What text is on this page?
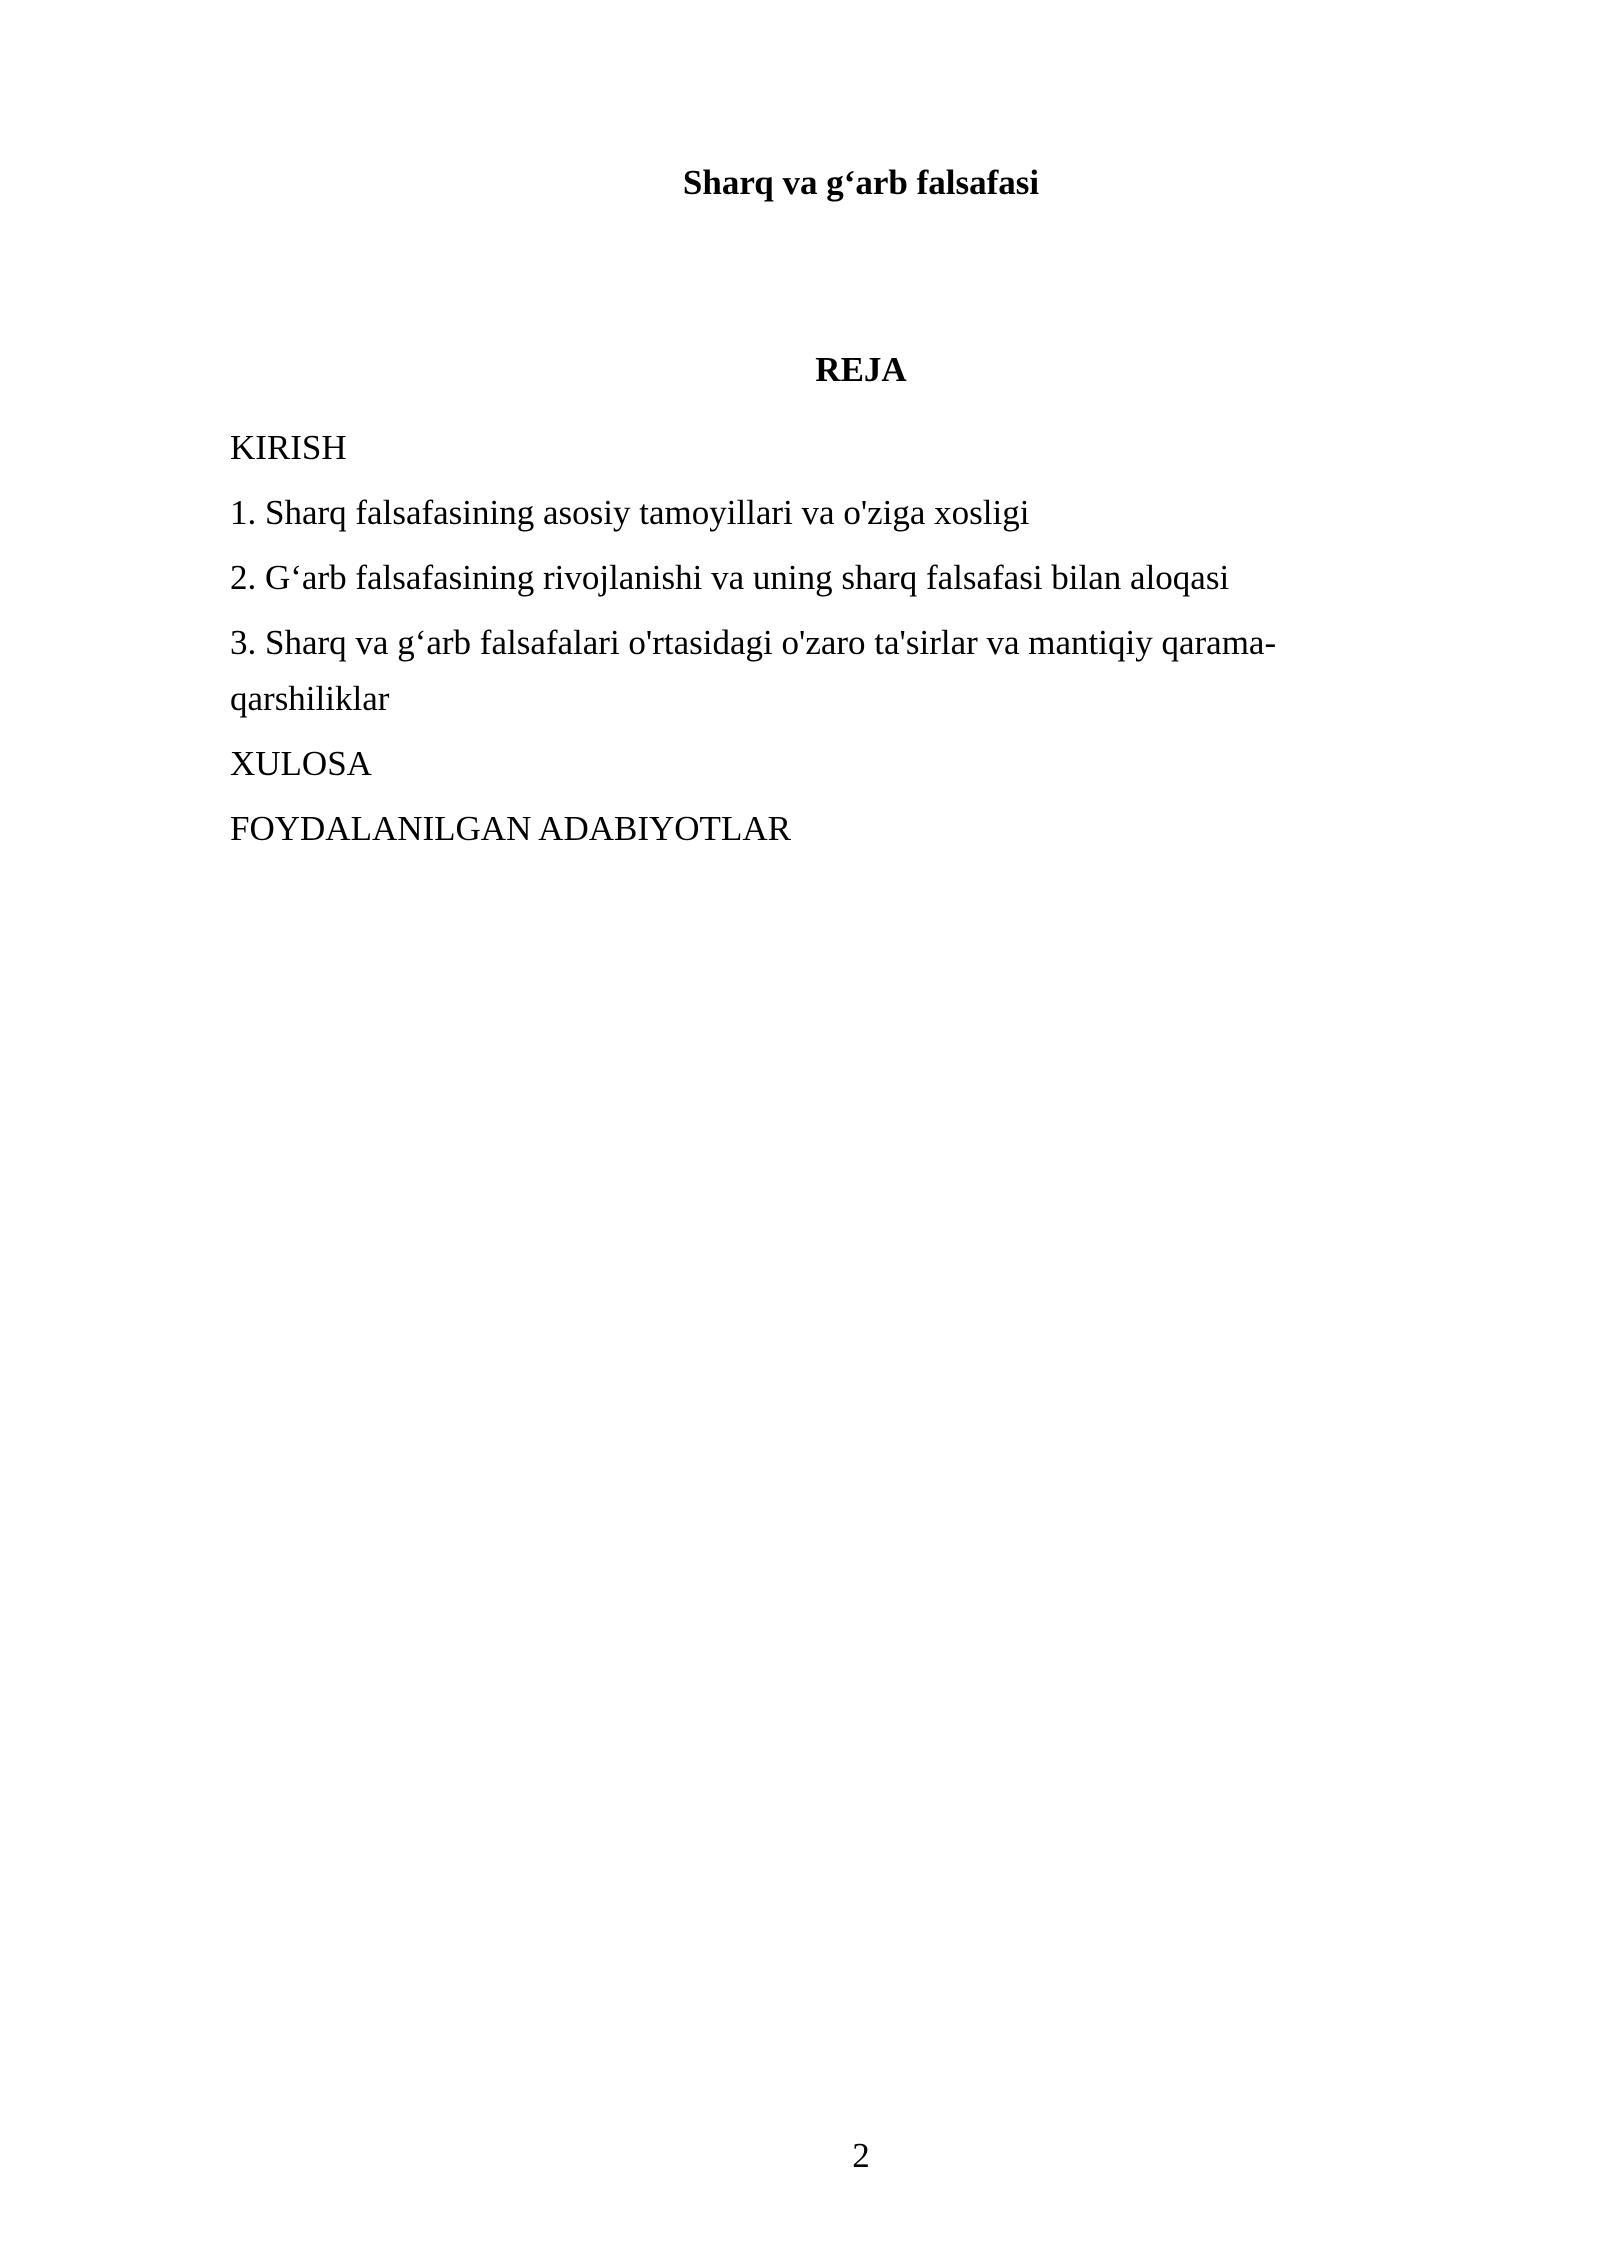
Sharq va g‘arb falsafasi
REJA
KIRISH
1. Sharq falsafasining asosiy tamoyillari va o'ziga xosligi
2. G‘arb falsafasining rivojlanishi va uning sharq falsafasi bilan aloqasi
3. Sharq va g‘arb falsafalari o'rtasidagi o'zaro ta'sirlar va mantiqiy qarama-qarshiliklar
XULOSA
FOYDALANILGAN ADABIYOTLAR
2
